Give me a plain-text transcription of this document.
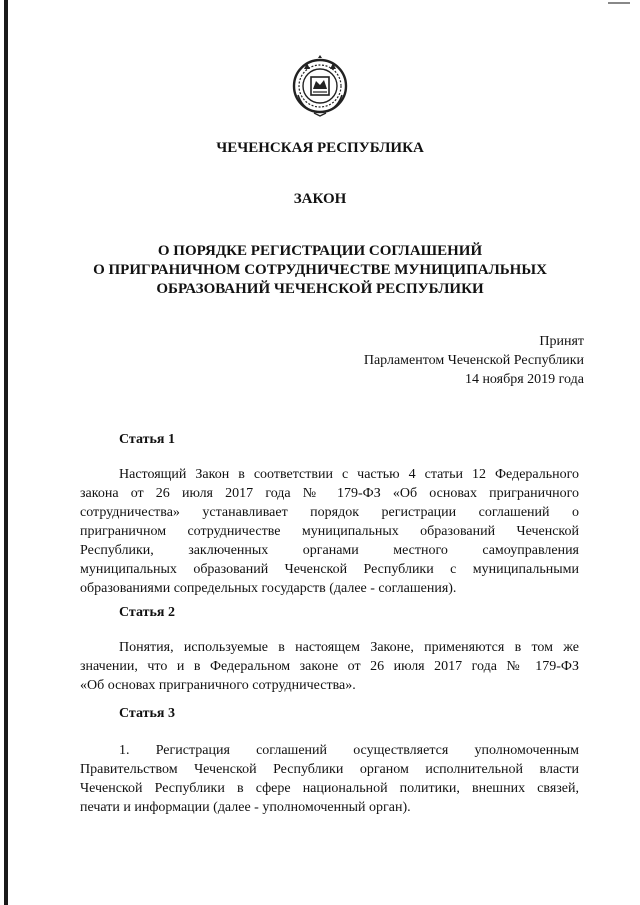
ЧЕЧЕНСКАЯ РЕСПУБЛИКА
ЗАКОН
О ПОРЯДКЕ РЕГИСТРАЦИИ СОГЛАШЕНИЙ
О ПРИГРАНИЧНОМ СОТРУДНИЧЕСТВЕ МУНИЦИПАЛЬНЫХ
ОБРАЗОВАНИЙ ЧЕЧЕНСКОЙ РЕСПУБЛИКИ
Принят
Парламентом Чеченской Республики
14 ноября 2019 года
Статья 1
Настоящий Закон в соответствии с частью 4 статьи 12 Федерального
закона от 26 июля 2017 года № 179-ФЗ «Об основах приграничного
сотрудничества» устанавливает порядок регистрации соглашений о
приграничном сотрудничестве муниципальных образований Чеченской
Республики, заключенных органами местного самоуправления
муниципальных образований Чеченской Республики с муниципальными
образованиями сопредельных государств (далее - соглашения).
Статья 2
Понятия, используемые в настоящем Законе, применяются в том же
значении, что и в Федеральном законе от 26 июля 2017 года № 179-ФЗ
«Об основах приграничного сотрудничества».
Статья 3
1. Регистрация соглашений осуществляется уполномоченным
Правительством Чеченской Республики органом исполнительной власти
Чеченской Республики в сфере национальной политики, внешних связей,
печати и информации (далее - уполномоченный орган).
